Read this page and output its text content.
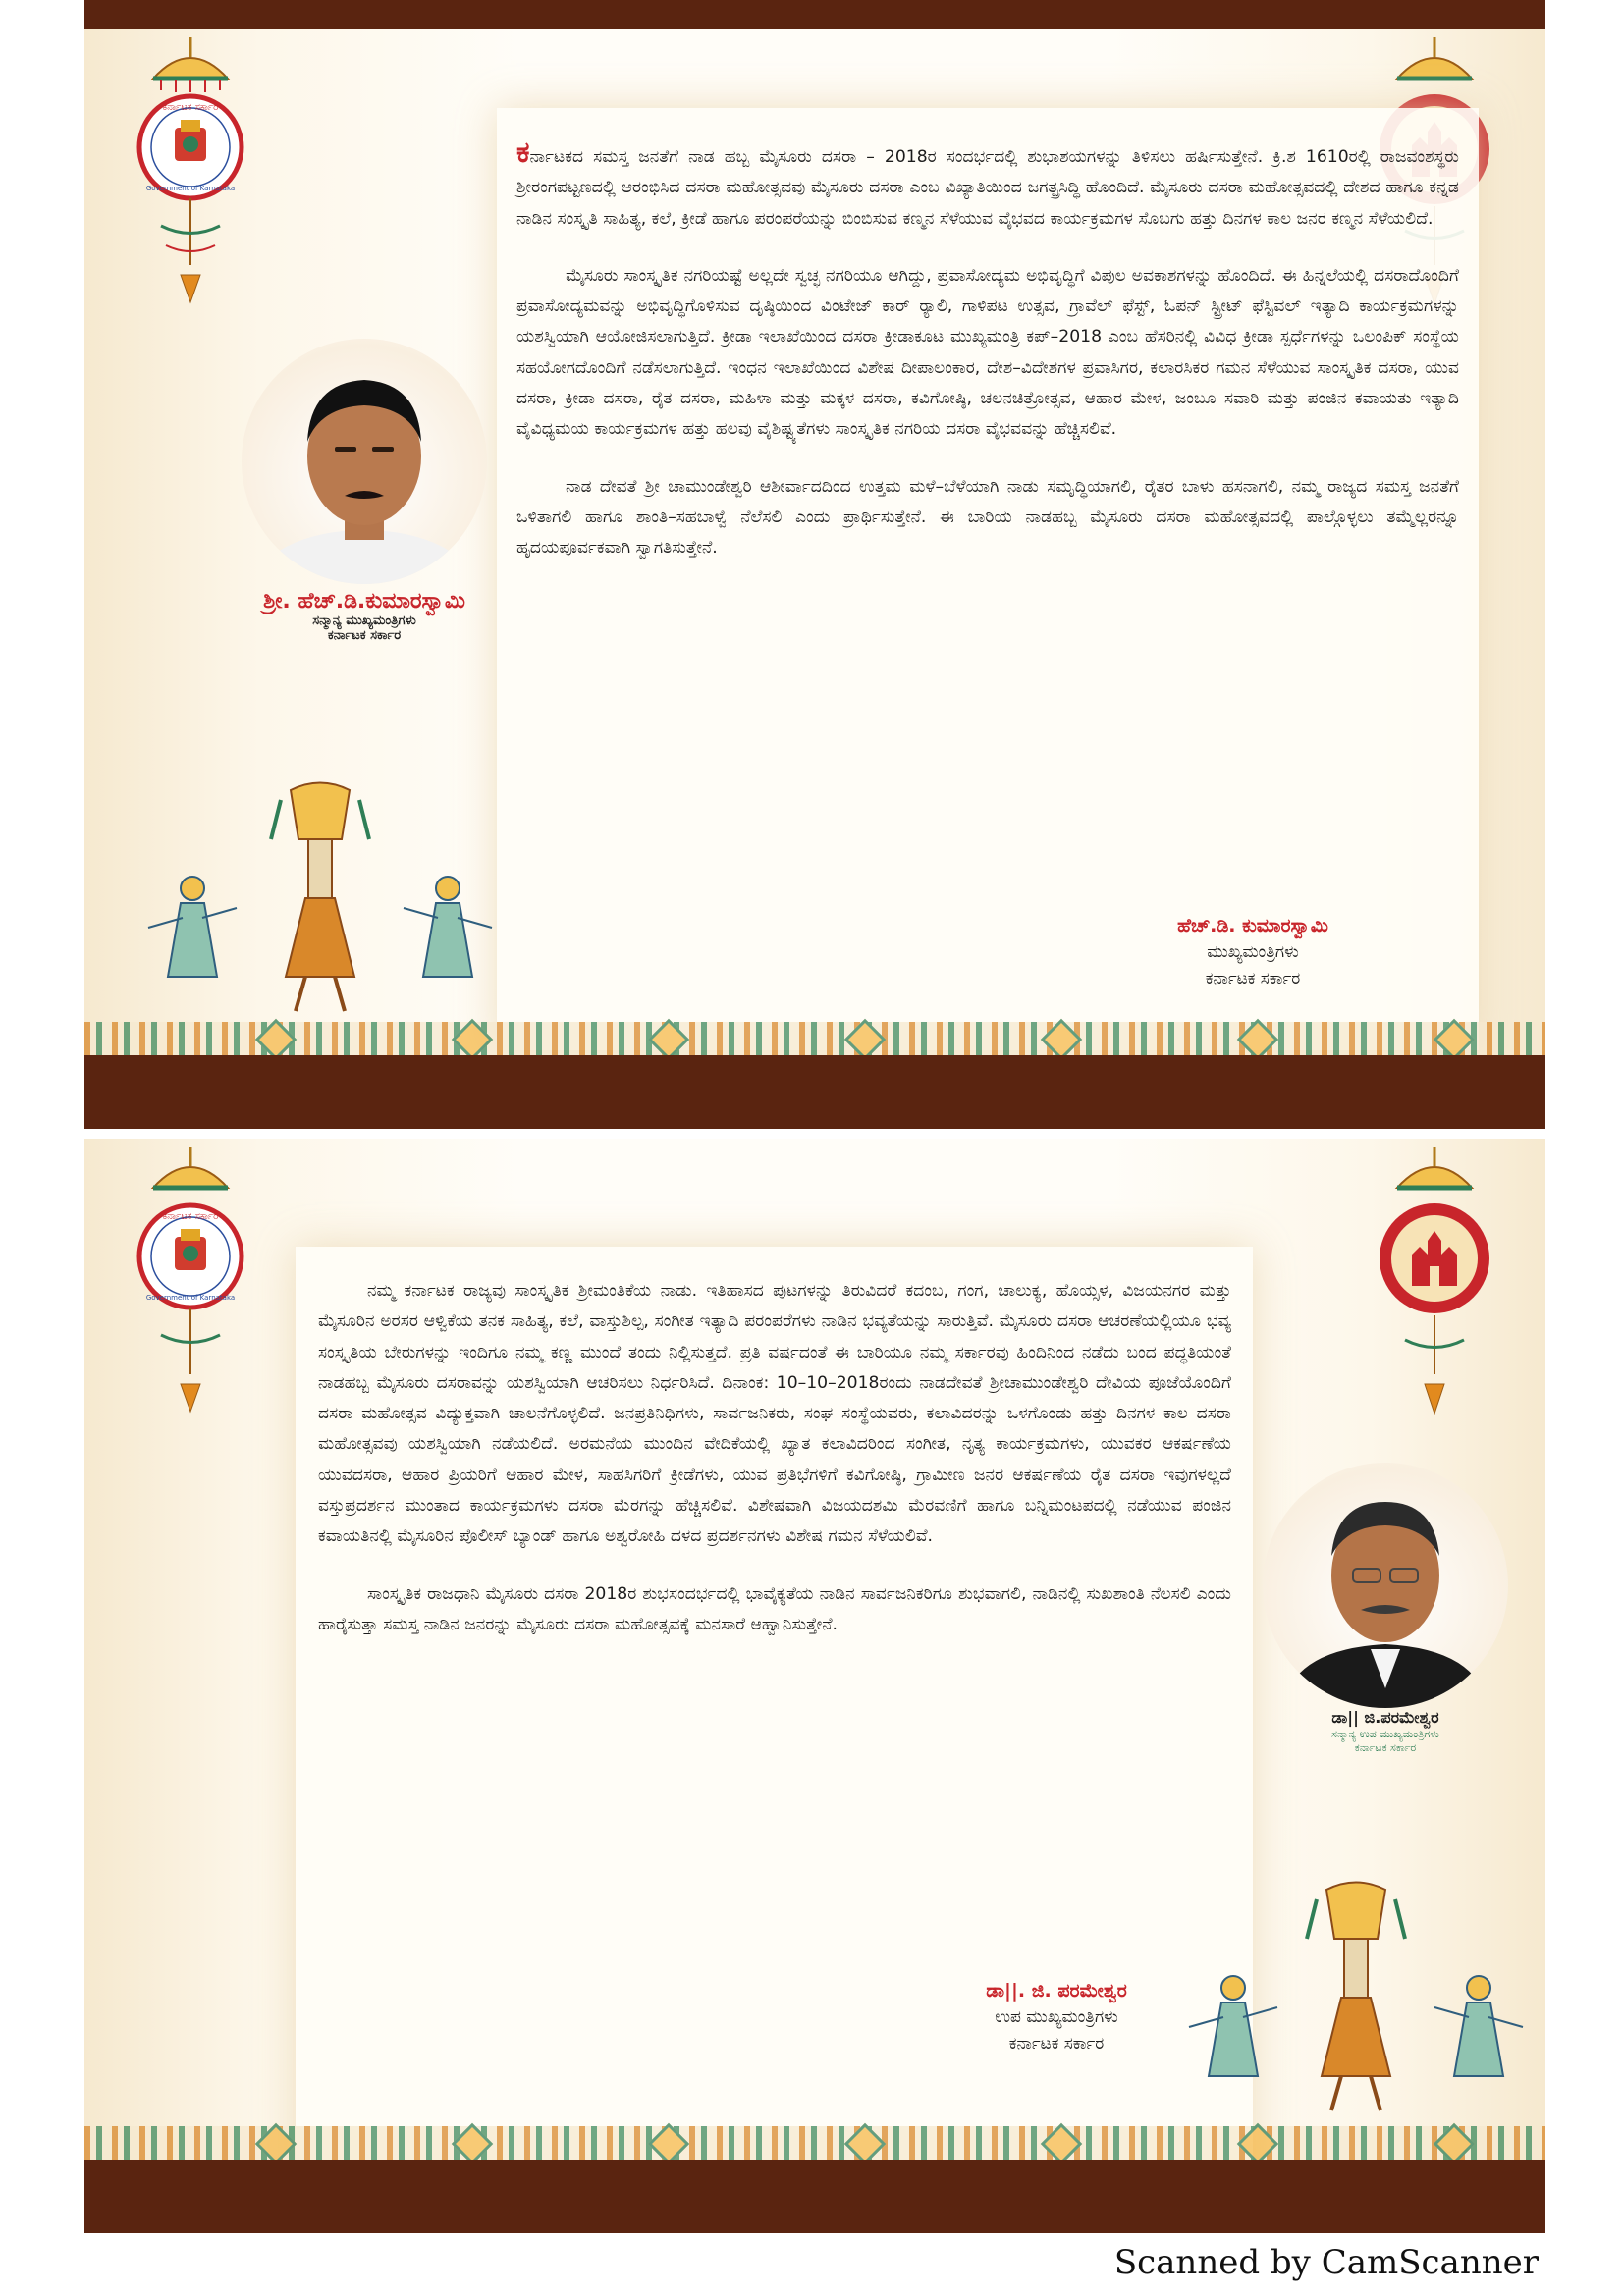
ಕರ್ನಾಟಕ ಸರ್ಕಾರ
Government of Karnataka
ಶ್ರೀ. ಹೆಚ್.ಡಿ.ಕುಮಾರಸ್ವಾಮಿ
ಸನ್ಮಾನ್ಯ ಮುಖ್ಯಮಂತ್ರಿಗಳು
ಕರ್ನಾಟಕ ಸರ್ಕಾರ

ಕರ್ನಾಟಕದ ಸಮಸ್ತ ಜನತೆಗೆ ನಾಡ ಹಬ್ಬ ಮೈಸೂರು ದಸರಾ – 2018ರ ಸಂದರ್ಭದಲ್ಲಿ ಶುಭಾಶಯಗಳನ್ನು ತಿಳಿಸಲು ಹರ್ಷಿಸುತ್ತೇನೆ. ಕ್ರಿ.ಶ 1610ರಲ್ಲಿ ರಾಜವಂಶಸ್ಥರು ಶ್ರೀರಂಗಪಟ್ಟಣದಲ್ಲಿ ಆರಂಭಿಸಿದ ದಸರಾ ಮಹೋತ್ಸವವು ಮೈಸೂರು ದಸರಾ ಎಂಬ ವಿಖ್ಯಾತಿಯಿಂದ ಜಗತ್ಪ್ರಸಿದ್ಧಿ ಹೊಂದಿದೆ. ಮೈಸೂರು ದಸರಾ ಮಹೋತ್ಸವದಲ್ಲಿ ದೇಶದ ಹಾಗೂ ಕನ್ನಡ ನಾಡಿನ ಸಂಸ್ಕೃತಿ ಸಾಹಿತ್ಯ, ಕಲೆ, ಕ್ರೀಡೆ ಹಾಗೂ ಪರಂಪರೆಯನ್ನು ಬಿಂಬಿಸುವ ಕಣ್ಮನ ಸೆಳೆಯುವ ವೈಭವದ ಕಾರ್ಯಕ್ರಮಗಳ ಸೊಬಗು ಹತ್ತು ದಿನಗಳ ಕಾಲ ಜನರ ಕಣ್ಮನ ಸೆಳೆಯಲಿದೆ.

ಮೈಸೂರು ಸಾಂಸ್ಕೃತಿಕ ನಗರಿಯಷ್ಟೆ ಅಲ್ಲದೇ ಸ್ವಚ್ಛ ನಗರಿಯೂ ಆಗಿದ್ದು, ಪ್ರವಾಸೋದ್ಯಮ ಅಭಿವೃದ್ಧಿಗೆ ವಿಪುಲ ಅವಕಾಶಗಳನ್ನು ಹೊಂದಿದೆ. ಈ ಹಿನ್ನಲೆಯಲ್ಲಿ ದಸರಾದೊಂದಿಗೆ ಪ್ರವಾಸೋದ್ಯಮವನ್ನು ಅಭಿವೃದ್ಧಿಗೊಳಿಸುವ ದೃಷ್ಠಿಯಿಂದ ವಿಂಟೇಜ್ ಕಾರ್ ರ‍್ಯಾಲಿ, ಗಾಳಿಪಟ ಉತ್ಸವ, ಗ್ರಾವೆಲ್ ಫೆಸ್ಟ್, ಓಪನ್ ಸ್ಟ್ರೀಟ್ ಫೆಸ್ಟಿವಲ್ ಇತ್ಯಾದಿ ಕಾರ್ಯಕ್ರಮಗಳನ್ನು ಯಶಸ್ವಿಯಾಗಿ ಆಯೋಜಿಸಲಾಗುತ್ತಿದೆ. ಕ್ರೀಡಾ ಇಲಾಖೆಯಿಂದ ದಸರಾ ಕ್ರೀಡಾಕೂಟ ಮುಖ್ಯಮಂತ್ರಿ ಕಪ್–2018 ಎಂಬ ಹೆಸರಿನಲ್ಲಿ ವಿವಿಧ ಕ್ರೀಡಾ ಸ್ಪರ್ಧೆಗಳನ್ನು ಒಲಂಪಿಕ್ ಸಂಸ್ಥೆಯ ಸಹಯೋಗದೊಂದಿಗೆ ನಡೆಸಲಾಗುತ್ತಿದೆ. ಇಂಧನ ಇಲಾಖೆಯಿಂದ ವಿಶೇಷ ದೀಪಾಲಂಕಾರ, ದೇಶ–ವಿದೇಶಗಳ ಪ್ರವಾಸಿಗರ, ಕಲಾರಸಿಕರ ಗಮನ ಸೆಳೆಯುವ ಸಾಂಸ್ಕೃತಿಕ ದಸರಾ, ಯುವ ದಸರಾ, ಕ್ರೀಡಾ ದಸರಾ, ರೈತ ದಸರಾ, ಮಹಿಳಾ ಮತ್ತು ಮಕ್ಕಳ ದಸರಾ, ಕವಿಗೋಷ್ಠಿ, ಚಲನಚಿತ್ರೋತ್ಸವ, ಆಹಾರ ಮೇಳ, ಜಂಬೂ ಸವಾರಿ ಮತ್ತು ಪಂಜಿನ ಕವಾಯತು ಇತ್ಯಾದಿ ವೈವಿಧ್ಯಮಯ ಕಾರ್ಯಕ್ರಮಗಳ ಹತ್ತು ಹಲವು ವೈಶಿಷ್ಟ್ಯತೆಗಳು ಸಾಂಸ್ಕೃತಿಕ ನಗರಿಯ ದಸರಾ ವೈಭವವನ್ನು ಹೆಚ್ಚಿಸಲಿವೆ.

ನಾಡ ದೇವತೆ ಶ್ರೀ ಚಾಮುಂಡೇಶ್ವರಿ ಆಶೀರ್ವಾದದಿಂದ ಉತ್ತಮ ಮಳೆ–ಬೆಳೆಯಾಗಿ ನಾಡು ಸಮೃದ್ಧಿಯಾಗಲಿ, ರೈತರ ಬಾಳು ಹಸನಾಗಲಿ, ನಮ್ಮ ರಾಜ್ಯದ ಸಮಸ್ತ ಜನತೆಗೆ ಒಳಿತಾಗಲಿ ಹಾಗೂ ಶಾಂತಿ–ಸಹಬಾಳ್ವೆ ನೆಲೆಸಲಿ ಎಂದು ಪ್ರಾರ್ಥಿಸುತ್ತೇನೆ. ಈ ಬಾರಿಯ ನಾಡಹಬ್ಬ ಮೈಸೂರು ದಸರಾ ಮಹೋತ್ಸವದಲ್ಲಿ ಪಾಲ್ಗೊಳ್ಳಲು ತಮ್ಮೆಲ್ಲರನ್ನೂ ಹೃದಯಪೂರ್ವಕವಾಗಿ ಸ್ವಾಗತಿಸುತ್ತೇನೆ.

ಹೆಚ್.ಡಿ. ಕುಮಾರಸ್ವಾಮಿ
ಮುಖ್ಯಮಂತ್ರಿಗಳು
ಕರ್ನಾಟಕ ಸರ್ಕಾರ
ಕರ್ನಾಟಕ ಸರ್ಕಾರ
Government of Karnataka	ನಮ್ಮ ಕರ್ನಾಟಕ ರಾಜ್ಯವು ಸಾಂಸ್ಕೃತಿಕ ಶ್ರೀಮಂತಿಕೆಯ ನಾಡು. ಇತಿಹಾಸದ ಪುಟಗಳನ್ನು ತಿರುವಿದರೆ ಕದಂಬ, ಗಂಗ, ಚಾಲುಕ್ಯ, ಹೊಯ್ಸಳ, ವಿಜಯನಗರ ಮತ್ತು ಮೈಸೂರಿನ ಅರಸರ ಆಳ್ವಿಕೆಯ ತನಕ ಸಾಹಿತ್ಯ, ಕಲೆ, ವಾಸ್ತುಶಿಲ್ಪ, ಸಂಗೀತ ಇತ್ಯಾದಿ ಪರಂಪರೆಗಳು ನಾಡಿನ ಭವ್ಯತೆಯನ್ನು ಸಾರುತ್ತಿವೆ. ಮೈಸೂರು ದಸರಾ ಆಚರಣೆಯಲ್ಲಿಯೂ ಭವ್ಯ ಸಂಸ್ಕೃತಿಯ ಬೇರುಗಳನ್ನು ಇಂದಿಗೂ ನಮ್ಮ ಕಣ್ಣ ಮುಂದೆ ತಂದು ನಿಲ್ಲಿಸುತ್ತದೆ. ಪ್ರತಿ ವರ್ಷದಂತೆ ಈ ಬಾರಿಯೂ ನಮ್ಮ ಸರ್ಕಾರವು ಹಿಂದಿನಿಂದ ನಡೆದು ಬಂದ ಪದ್ಧತಿಯಂತೆ ನಾಡಹಬ್ಬ ಮೈಸೂರು ದಸರಾವನ್ನು ಯಶಸ್ವಿಯಾಗಿ ಆಚರಿಸಲು ನಿರ್ಧರಿಸಿದೆ. ದಿನಾಂಕ: 10–10–2018ರಂದು ನಾಡದೇವತೆ ಶ್ರೀಚಾಮುಂಡೇಶ್ವರಿ ದೇವಿಯ ಪೂಜೆಯೊಂದಿಗೆ ದಸರಾ ಮಹೋತ್ಸವ ವಿದ್ಯುಕ್ತವಾಗಿ ಚಾಲನೆಗೊಳ್ಳಲಿದೆ. ಜನಪ್ರತಿನಿಧಿಗಳು, ಸಾರ್ವಜನಿಕರು, ಸಂಘ ಸಂಸ್ಥೆಯವರು, ಕಲಾವಿದರನ್ನು ಒಳಗೊಂಡು ಹತ್ತು ದಿನಗಳ ಕಾಲ ದಸರಾ ಮಹೋತ್ಸವವು ಯಶಸ್ವಿಯಾಗಿ ನಡೆಯಲಿದೆ. ಅರಮನೆಯ ಮುಂದಿನ ವೇದಿಕೆಯಲ್ಲಿ ಖ್ಯಾತ ಕಲಾವಿದರಿಂದ ಸಂಗೀತ, ನೃತ್ಯ ಕಾರ್ಯಕ್ರಮಗಳು, ಯುವಕರ ಆಕರ್ಷಣೆಯ ಯುವದಸರಾ, ಆಹಾರ ಪ್ರಿಯರಿಗೆ ಆಹಾರ ಮೇಳ, ಸಾಹಸಿಗರಿಗೆ ಕ್ರೀಡೆಗಳು, ಯುವ ಪ್ರತಿಭೆಗಳಿಗೆ ಕವಿಗೋಷ್ಠಿ, ಗ್ರಾಮೀಣ ಜನರ ಆಕರ್ಷಣೆಯ ರೈತ ದಸರಾ ಇವುಗಳಲ್ಲದೆ ವಸ್ತುಪ್ರದರ್ಶನ ಮುಂತಾದ ಕಾರ್ಯಕ್ರಮಗಳು ದಸರಾ ಮೆರಗನ್ನು ಹೆಚ್ಚಿಸಲಿವೆ. ವಿಶೇಷವಾಗಿ ವಿಜಯದಶಮಿ ಮೆರವಣಿಗೆ ಹಾಗೂ ಬನ್ನಿಮಂಟಪದಲ್ಲಿ ನಡೆಯುವ ಪಂಜಿನ ಕವಾಯತಿನಲ್ಲಿ ಮೈಸೂರಿನ ಪೊಲೀಸ್ ಬ್ಯಾಂಡ್ ಹಾಗೂ ಅಶ್ವರೋಹಿ ದಳದ ಪ್ರದರ್ಶನಗಳು ವಿಶೇಷ ಗಮನ ಸೆಳೆಯಲಿವೆ.

ಸಾಂಸ್ಕೃತಿಕ ರಾಜಧಾನಿ ಮೈಸೂರು ದಸರಾ 2018ರ ಶುಭಸಂದರ್ಭದಲ್ಲಿ ಭಾವೈಕ್ಯತೆಯ ನಾಡಿನ ಸಾರ್ವಜನಿಕರಿಗೂ ಶುಭವಾಗಲಿ, ನಾಡಿನಲ್ಲಿ ಸುಖಶಾಂತಿ ನೆಲಸಲಿ ಎಂದು ಹಾರೈಸುತ್ತಾ ಸಮಸ್ತ ನಾಡಿನ ಜನರನ್ನು ಮೈಸೂರು ದಸರಾ ಮಹೋತ್ಸವಕ್ಕೆ ಮನಸಾರೆ ಆಹ್ವಾನಿಸುತ್ತೇನೆ.

ಡಾ||. ಜಿ. ಪರಮೇಶ್ವರ
ಉಪ ಮುಖ್ಯಮಂತ್ರಿಗಳು
ಕರ್ನಾಟಕ ಸರ್ಕಾರ
ಡಾ|| ಜಿ.ಪರಮೇಶ್ವರ
ಸನ್ಮಾನ್ಯ ಉಪ ಮುಖ್ಯಮಂತ್ರಿಗಳು
ಕರ್ನಾಟಕ ಸರ್ಕಾರ
Scanned by CamScanner
